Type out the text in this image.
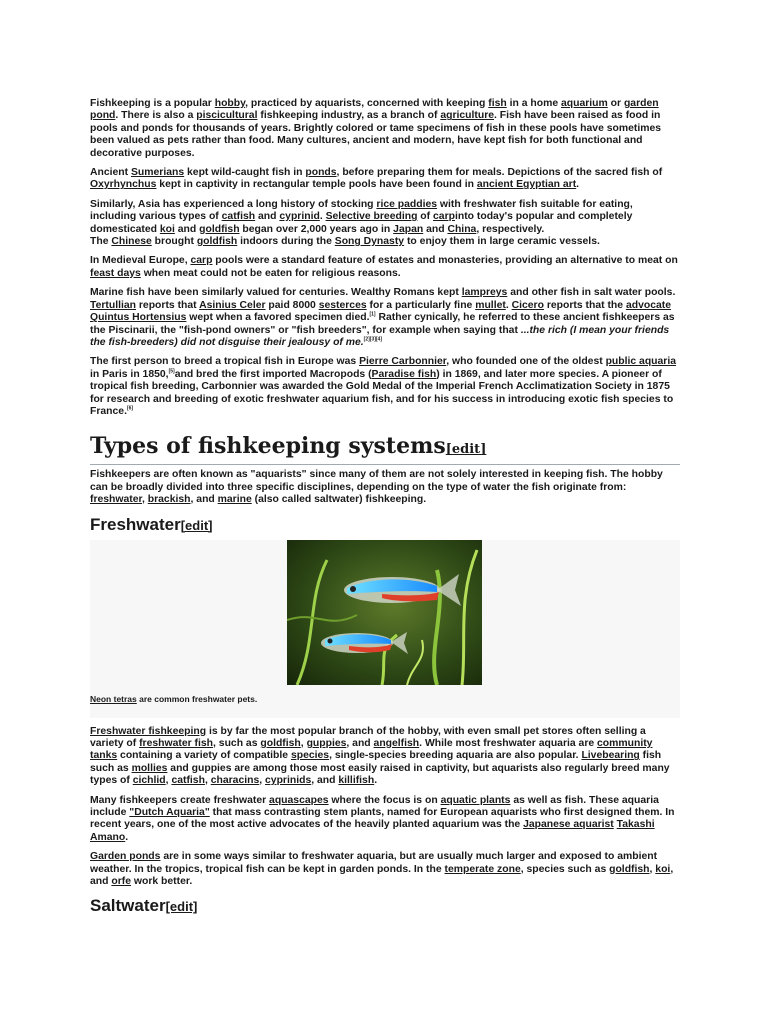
Fishkeeping is a popular hobby, practiced by aquarists, concerned with keeping fish in a home aquarium or garden pond. There is also a piscicultural fishkeeping industry, as a branch of agriculture. Fish have been raised as food in pools and ponds for thousands of years. Brightly colored or tame specimens of fish in these pools have sometimes been valued as pets rather than food. Many cultures, ancient and modern, have kept fish for both functional and decorative purposes.

Ancient Sumerians kept wild-caught fish in ponds, before preparing them for meals. Depictions of the sacred fish of Oxyrhynchus kept in captivity in rectangular temple pools have been found in ancient Egyptian art.

Similarly, Asia has experienced a long history of stocking rice paddies with freshwater fish suitable for eating, including various types of catfish and cyprinid. Selective breeding of carpinto today's popular and completely domesticated koi and goldfish began over 2,000 years ago in Japan and China, respectively.
The Chinese brought goldfish indoors during the Song Dynasty to enjoy them in large ceramic vessels.

In Medieval Europe, carp pools were a standard feature of estates and monasteries, providing an alternative to meat on feast days when meat could not be eaten for religious reasons.

Marine fish have been similarly valued for centuries. Wealthy Romans kept lampreys and other fish in salt water pools. Tertullian reports that Asinius Celer paid 8000 sesterces for a particularly fine mullet. Cicero reports that the advocate Quintus Hortensius wept when a favored specimen died.[1] Rather cynically, he referred to these ancient fishkeepers as the Piscinarii, the "fish-pond owners" or "fish breeders", for example when saying that ...the rich (I mean your friends the fish-breeders) did not disguise their jealousy of me.[2][3][4]

The first person to breed a tropical fish in Europe was Pierre Carbonnier, who founded one of the oldest public aquaria in Paris in 1850,[5]and bred the first imported Macropods (Paradise fish) in 1869, and later more species. A pioneer of tropical fish breeding, Carbonnier was awarded the Gold Medal of the Imperial French Acclimatization Society in 1875 for research and breeding of exotic freshwater aquarium fish, and for his success in introducing exotic fish species to France.[6]

Types of fishkeeping systems[edit]

Fishkeepers are often known as "aquarists" since many of them are not solely interested in keeping fish. The hobby can be broadly divided into three specific disciplines, depending on the type of water the fish originate from: freshwater, brackish, and marine (also called saltwater) fishkeeping.

Freshwater[edit]
Neon tetras are common freshwater pets.

Freshwater fishkeeping is by far the most popular branch of the hobby, with even small pet stores often selling a variety of freshwater fish, such as goldfish, guppies, and angelfish. While most freshwater aquaria are community tanks containing a variety of compatible species, single-species breeding aquaria are also popular. Livebearing fish such as mollies and guppies are among those most easily raised in captivity, but aquarists also regularly breed many types of cichlid, catfish, characins, cyprinids, and killifish.

Many fishkeepers create freshwater aquascapes where the focus is on aquatic plants as well as fish. These aquaria include "Dutch Aquaria" that mass contrasting stem plants, named for European aquarists who first designed them. In recent years, one of the most active advocates of the heavily planted aquarium was the Japanese aquarist Takashi Amano.

Garden ponds are in some ways similar to freshwater aquaria, but are usually much larger and exposed to ambient weather. In the tropics, tropical fish can be kept in garden ponds. In the temperate zone, species such as goldfish, koi, and orfe work better.

Saltwater[edit]
